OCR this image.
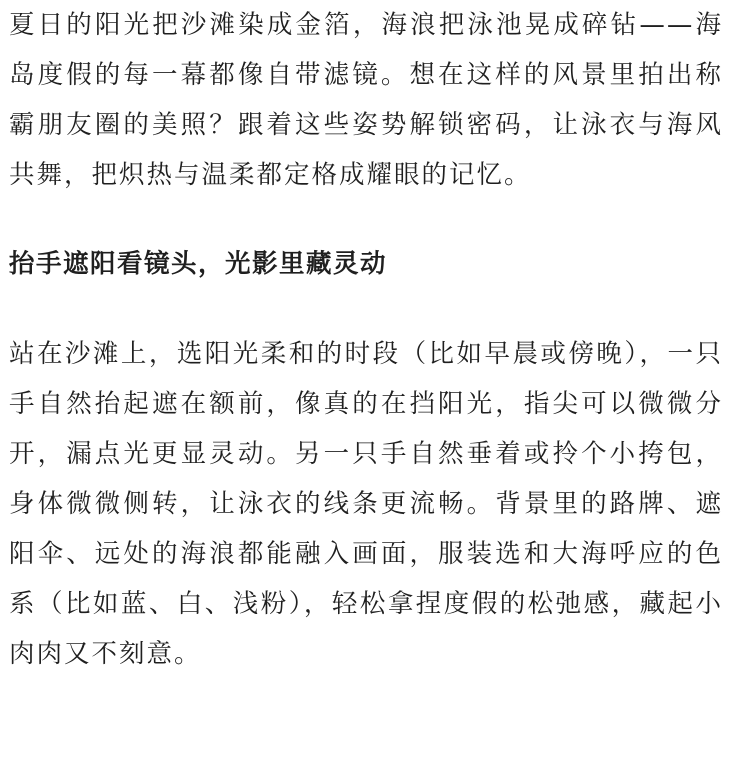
夏日的阳光把沙滩染成金箔，海浪把泳池晃成碎钻——海岛度假的每一幕都像自带滤镜。想在这样的风景里拍出称霸朋友圈的美照？跟着这些姿势解锁密码，让泳衣与海风共舞，把炽热与温柔都定格成耀眼的记忆。

抬手遮阳看镜头，光影里藏灵动

站在沙滩上，选阳光柔和的时段（比如早晨或傍晚），一只手自然抬起遮在额前，像真的在挡阳光，指尖可以微微分开，漏点光更显灵动。另一只手自然垂着或拎个小挎包，身体微微侧转，让泳衣的线条更流畅。背景里的路牌、遮阳伞、远处的海浪都能融入画面，服装选和大海呼应的色系（比如蓝、白、浅粉），轻松拿捏度假的松弛感，藏起小肉肉又不刻意。
